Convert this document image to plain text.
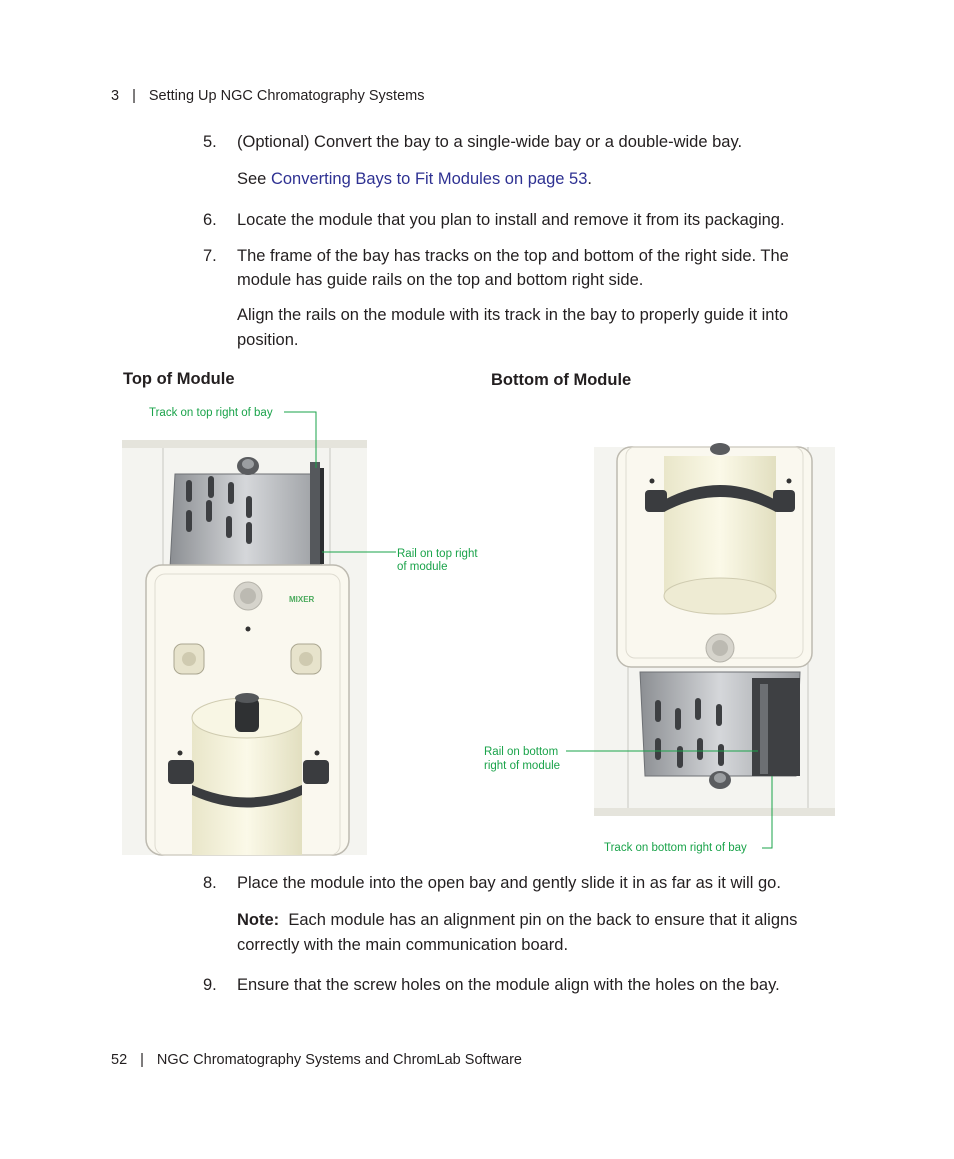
3 | Setting Up NGC Chromatography Systems
5. (Optional) Convert the bay to a single-wide bay or a double-wide bay.
See Converting Bays to Fit Modules on page 53.
6. Locate the module that you plan to install and remove it from its packaging.
7. The frame of the bay has tracks on the top and bottom of the right side. The module has guide rails on the top and bottom right side.
Align the rails on the module with its track in the bay to properly guide it into position.
Top of Module	Bottom of Module
MIXER
Track on top right of bay
Rail on top right
of module
Rail on bottom
right of module
Track on bottom right of bay
8. Place the module into the open bay and gently slide it in as far as it will go.
Note: Each module has an alignment pin on the back to ensure that it aligns correctly with the main communication board.
9. Ensure that the screw holes on the module align with the holes on the bay.
52 | NGC Chromatography Systems and ChromLab Software
